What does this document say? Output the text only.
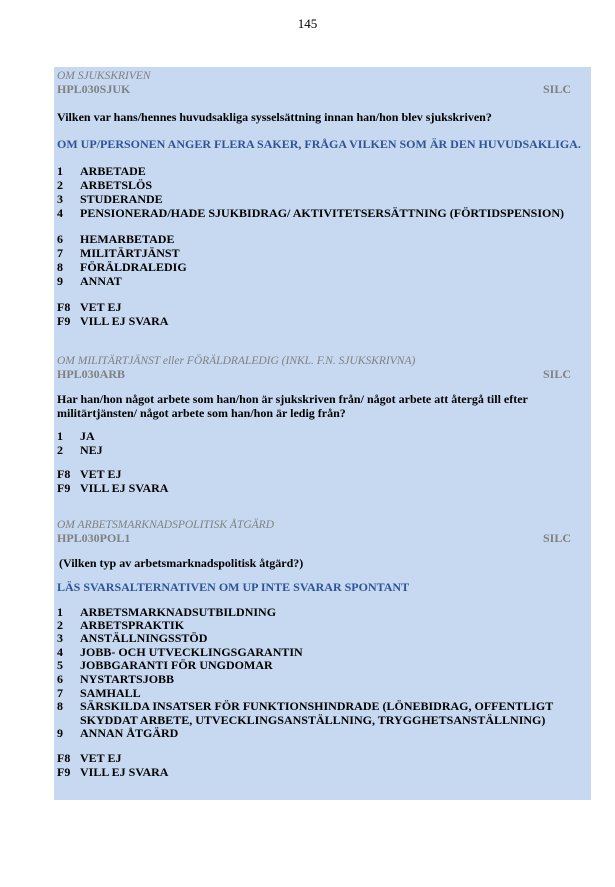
145
OM SJUKSKRIVEN
HPL030SJUK	SILC
Vilken var hans/hennes huvudsakliga sysselsättning innan han/hon blev sjukskriven?
OM UP/PERSONEN ANGER FLERA SAKER, FRÅGA VILKEN SOM ÄR DEN HUVUDSAKLIGA.
1 ARBETADE
2 ARBETSLÖS
3 STUDERANDE
4 PENSIONERAD/HADE SJUKBIDRAG/ AKTIVITETSERSÄTTNING (FÖRTIDSPENSION)
6 HEMARBETADE
7 MILITÄRTJÄNST
8 FÖRÄLDRALEDIG
9 ANNAT
F8 VET EJ
F9 VILL EJ SVARA
OM MILITÄRTJÄNST eller FÖRÄLDRALEDIG (INKL. F.N. SJUKSKRIVNA)
HPL030ARB	SILC
Har han/hon något arbete som han/hon är sjukskriven från/ något arbete att återgå till efter militärtjänsten/ något arbete som han/hon är ledig från?
1 JA
2 NEJ
F8 VET EJ
F9 VILL EJ SVARA
OM ARBETSMARKNADSPOLITISK ÅTGÄRD
HPL030POL1	SILC
(Vilken typ av arbetsmarknadspolitisk åtgärd?)
LÄS SVARSALTERNATIVEN OM UP INTE SVARAR SPONTANT
1 ARBETSMARKNADSUTBILDNING
2 ARBETSPRAKTIK
3 ANSTÄLLNINGSSTÖD
4 JOBB- OCH UTVECKLINGSGARANTIN
5 JOBBGARANTI FÖR UNGDOMAR
6 NYSTARTSJOBB
7 SAMHALL
8	SÄRSKILDA INSATSER FÖR FUNKTIONSHINDRADE (LÖNEBIDRAG, OFFENTLIGT SKYDDAT ARBETE, UTVECKLINGSANSTÄLLNING, TRYGGHETSANSTÄLLNING)
9 ANNAN ÅTGÄRD
F8 VET EJ
F9 VILL EJ SVARA
